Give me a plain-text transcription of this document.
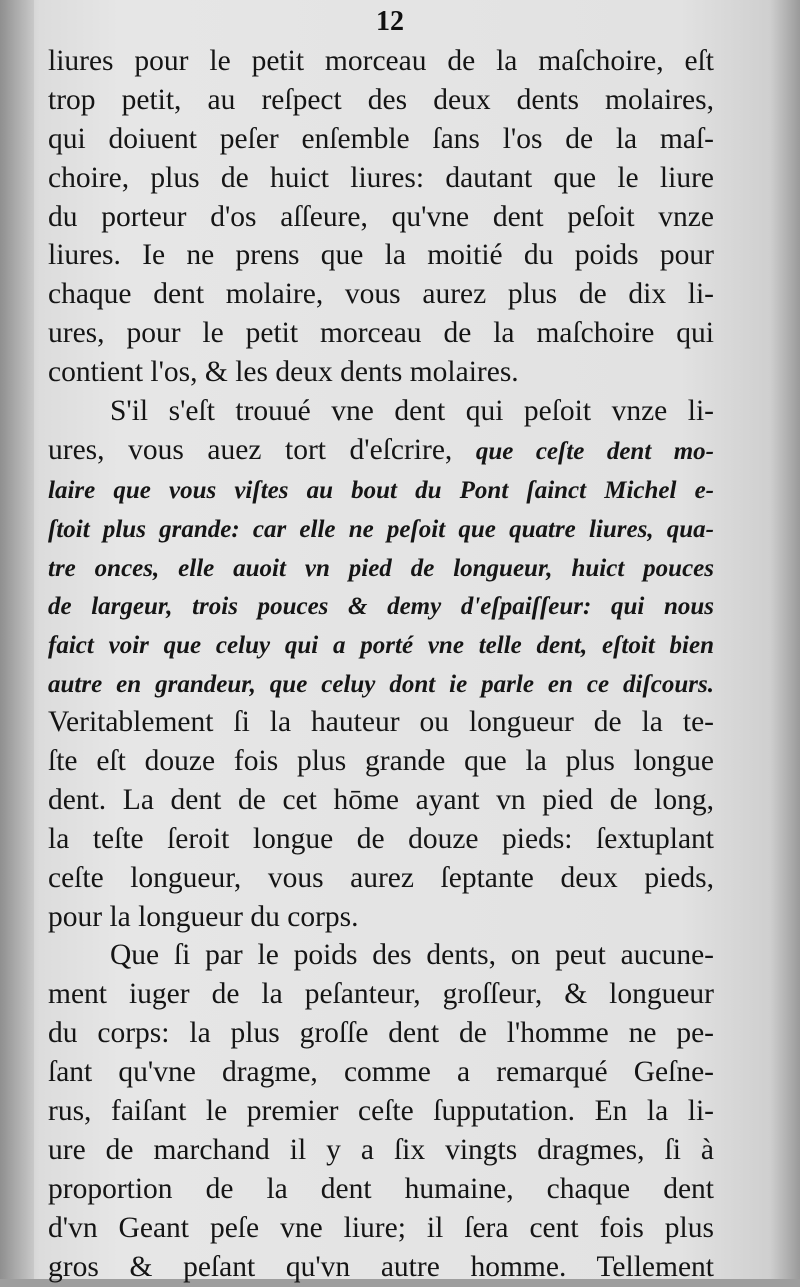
12
liures pour le petit morceau de la maſchoire, eſt
trop petit, au reſpect des deux dents molaires,
qui doiuent peſer enſemble ſans l'os de la maſ-
choire, plus de huict liures: dautant que le liure
du porteur d'os aſſeure, qu'vne dent peſoit vnze
liures. Ie ne prens que la moitié du poids pour
chaque dent molaire, vous aurez plus de dix li-
ures, pour le petit morceau de la maſchoire qui
contient l'os, & les deux dents molaires.
S'il s'eſt trouué vne dent qui peſoit vnze li-
ures, vous auez tort d'eſcrire, que ceſte dent mo-
laire que vous viſtes au bout du Pont ſainct Michel e-
ſtoit plus grande: car elle ne peſoit que quatre liures, qua-
tre onces, elle auoit vn pied de longueur, huict pouces
de largeur, trois pouces & demy d'eſpaiſſeur: qui nous
faict voir que celuy qui a porté vne telle dent, eſtoit bien
autre en grandeur, que celuy dont ie parle en ce diſcours.
Veritablement ſi la hauteur ou longueur de la te-
ſte eſt douze fois plus grande que la plus longue
dent. La dent de cet hōme ayant vn pied de long,
la teſte ſeroit longue de douze pieds: ſextuplant
ceſte longueur, vous aurez ſeptante deux pieds,
pour la longueur du corps.
Que ſi par le poids des dents, on peut aucune-
ment iuger de la peſanteur, groſſeur, & longueur
du corps: la plus groſſe dent de l'homme ne pe-
ſant qu'vne dragme, comme a remarqué Geſne-
rus, faiſant le premier ceſte ſupputation. En la li-
ure de marchand il y a ſix vingts dragmes, ſi à
proportion de la dent humaine, chaque dent
d'vn Geant peſe vne liure; il ſera cent fois plus
gros & peſant qu'vn autre homme. Tellement
